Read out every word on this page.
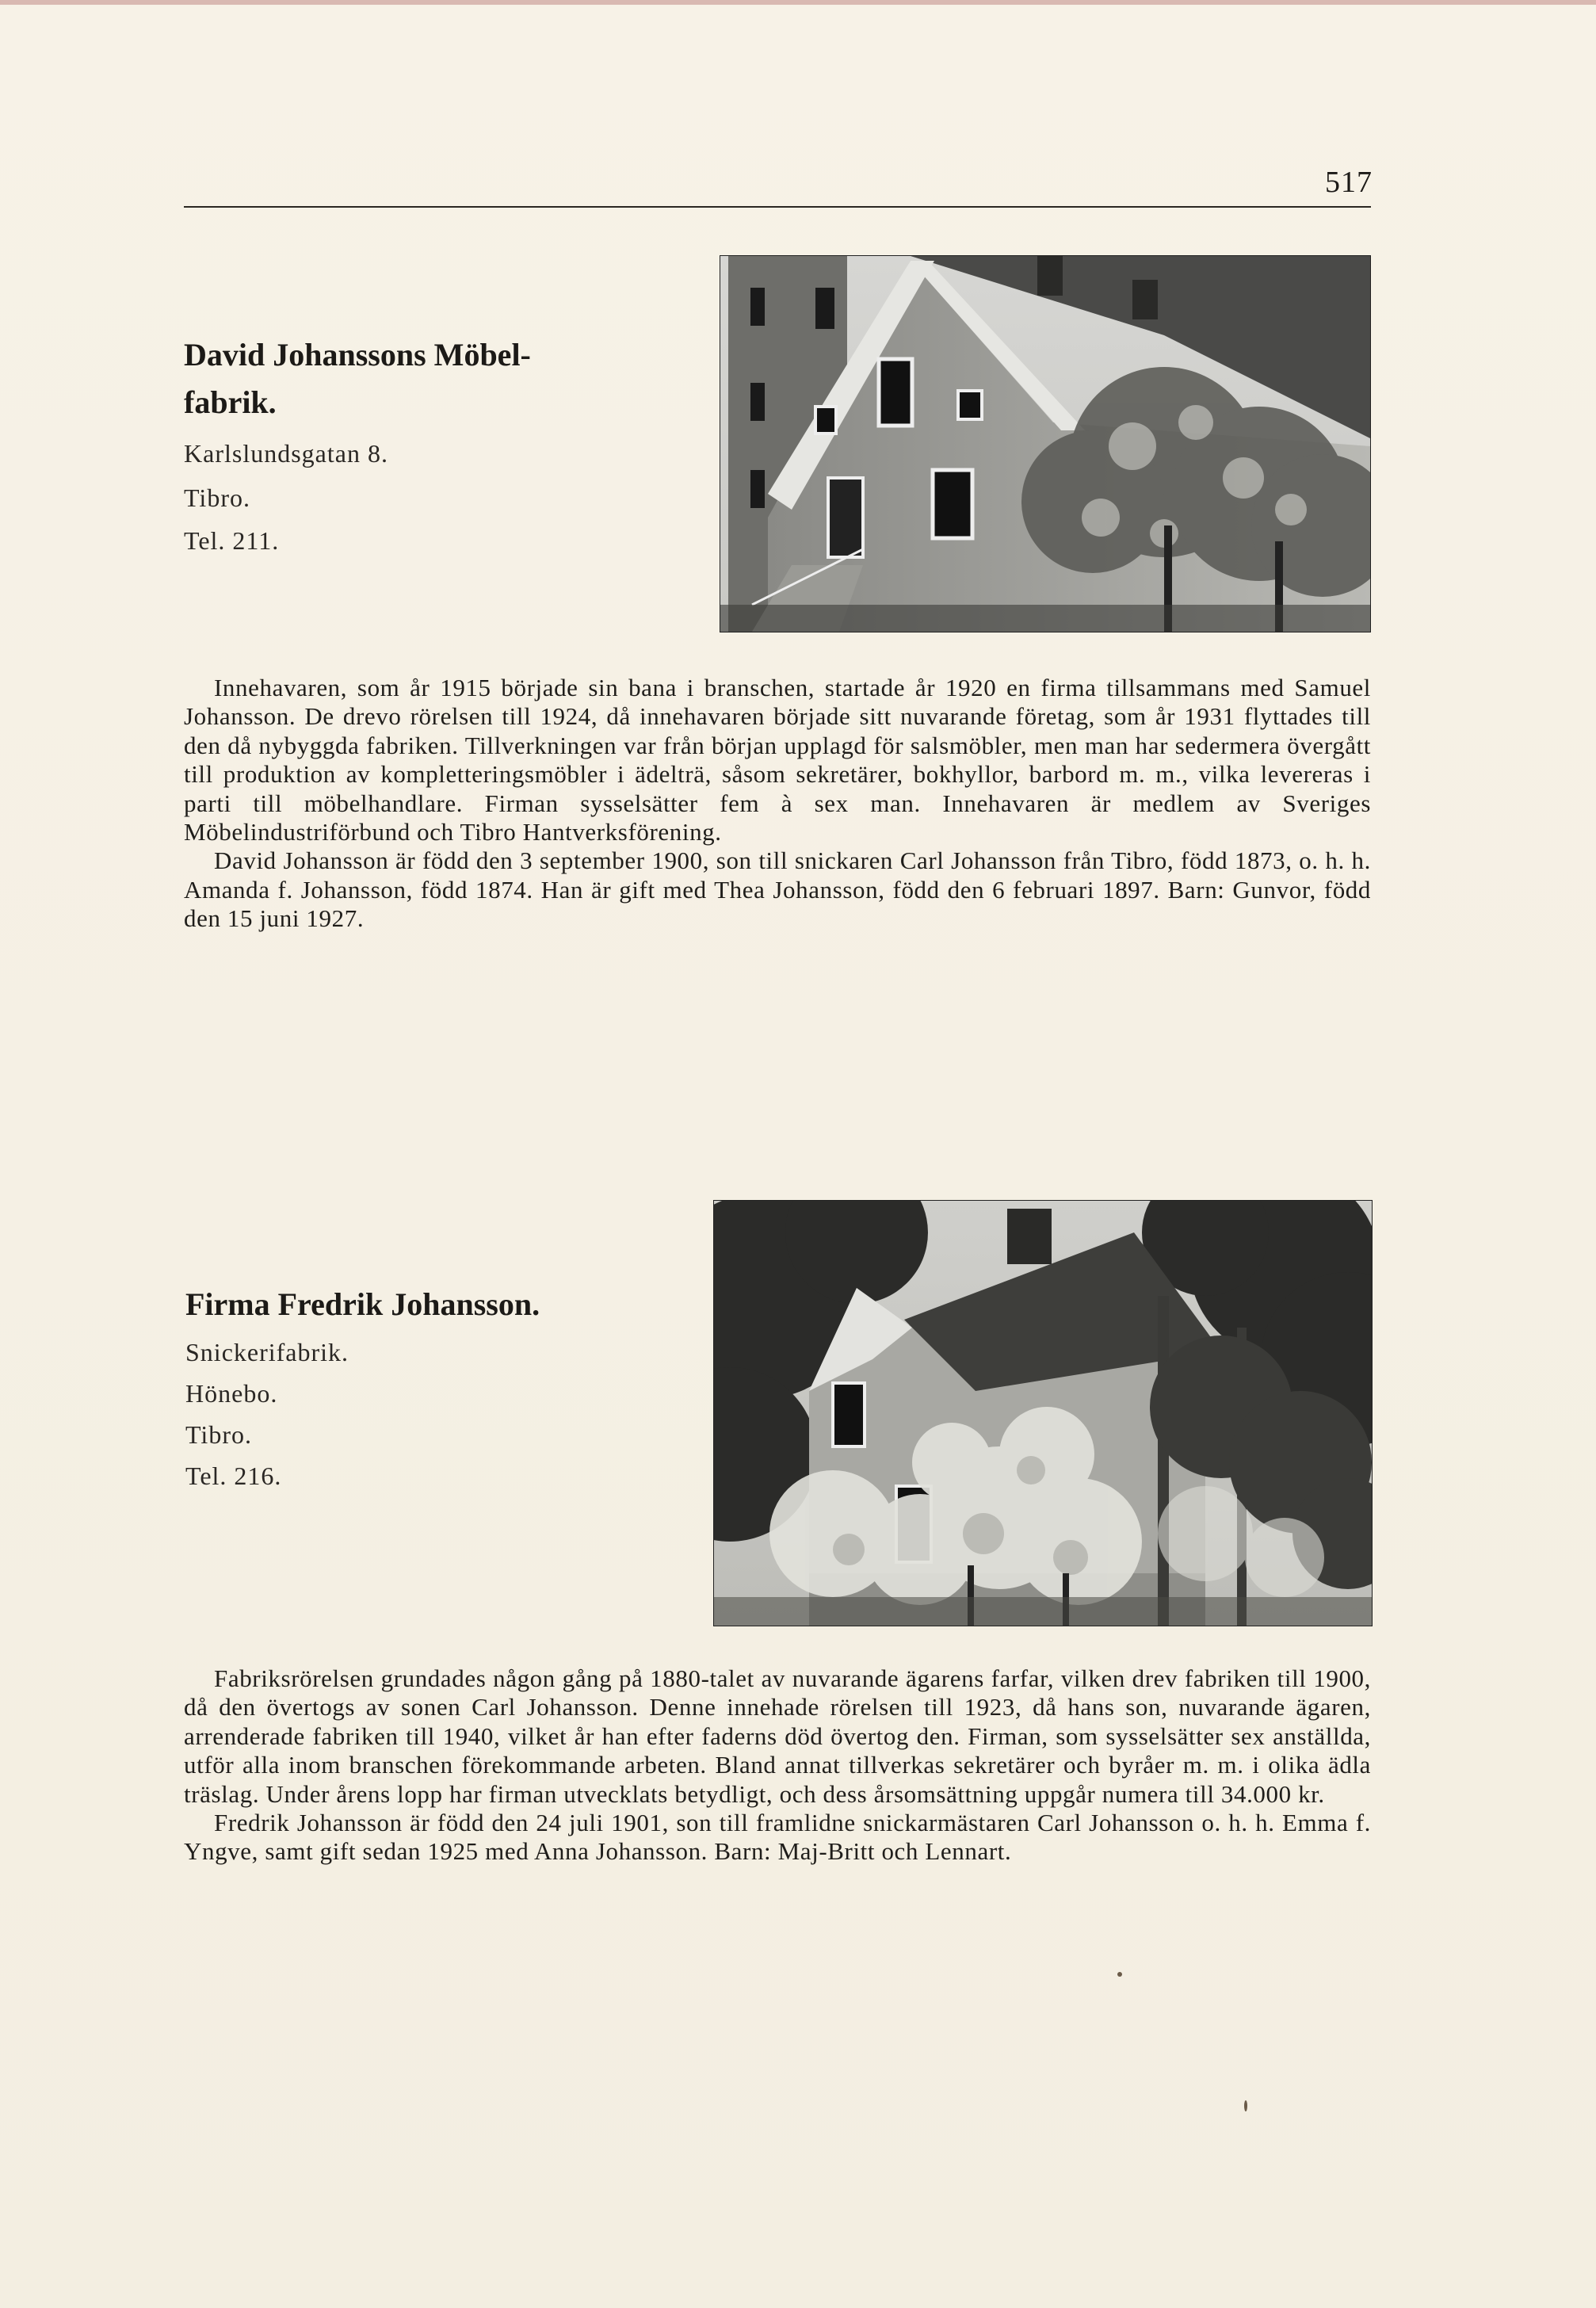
517
David Johanssons Möbel-
fabrik.
Karlslundsgatan 8.
Tibro.
Tel. 211.

Innehavaren, som år 1915 började sin bana i branschen, startade år 1920 en firma tillsammans med Samuel Johansson. De drevo rörelsen till 1924, då innehavaren började sitt nuvarande företag, som år 1931 flyttades till den då nybyggda fabriken. Tillverkningen var från början upplagd för salsmöbler, men man har sedermera övergått till produktion av kompletteringsmöbler i ädelträ, såsom sekretärer, bokhyllor, barbord m. m., vilka levereras i parti till möbelhandlare. Firman sysselsätter fem à sex man. Innehavaren är medlem av Sveriges Möbelindustriförbund och Tibro Hantverksförening.

David Johansson är född den 3 september 1900, son till snickaren Carl Johansson från Tibro, född 1873, o. h. h. Amanda f. Johansson, född 1874. Han är gift med Thea Johansson, född den 6 februari 1897. Barn: Gunvor, född den 15 juni 1927.

Firma Fredrik Johansson.
Snickerifabrik.
Hönebo.
Tibro.
Tel. 216.

Fabriksrörelsen grundades någon gång på 1880-talet av nuvarande ägarens farfar, vilken drev fabriken till 1900, då den övertogs av sonen Carl Johansson. Denne innehade rörelsen till 1923, då hans son, nuvarande ägaren, arrenderade fabriken till 1940, vilket år han efter faderns död övertog den. Firman, som sysselsätter sex anställda, utför alla inom branschen förekommande arbeten. Bland annat tillverkas sekretärer och byråer m. m. i olika ädla träslag. Under årens lopp har firman utvecklats betydligt, och dess årsomsättning uppgår numera till 34.000 kr.

Fredrik Johansson är född den 24 juli 1901, son till framlidne snickarmästaren Carl Johansson o. h. h. Emma f. Yngve, samt gift sedan 1925 med Anna Johansson. Barn: Maj-Britt och Lennart.
